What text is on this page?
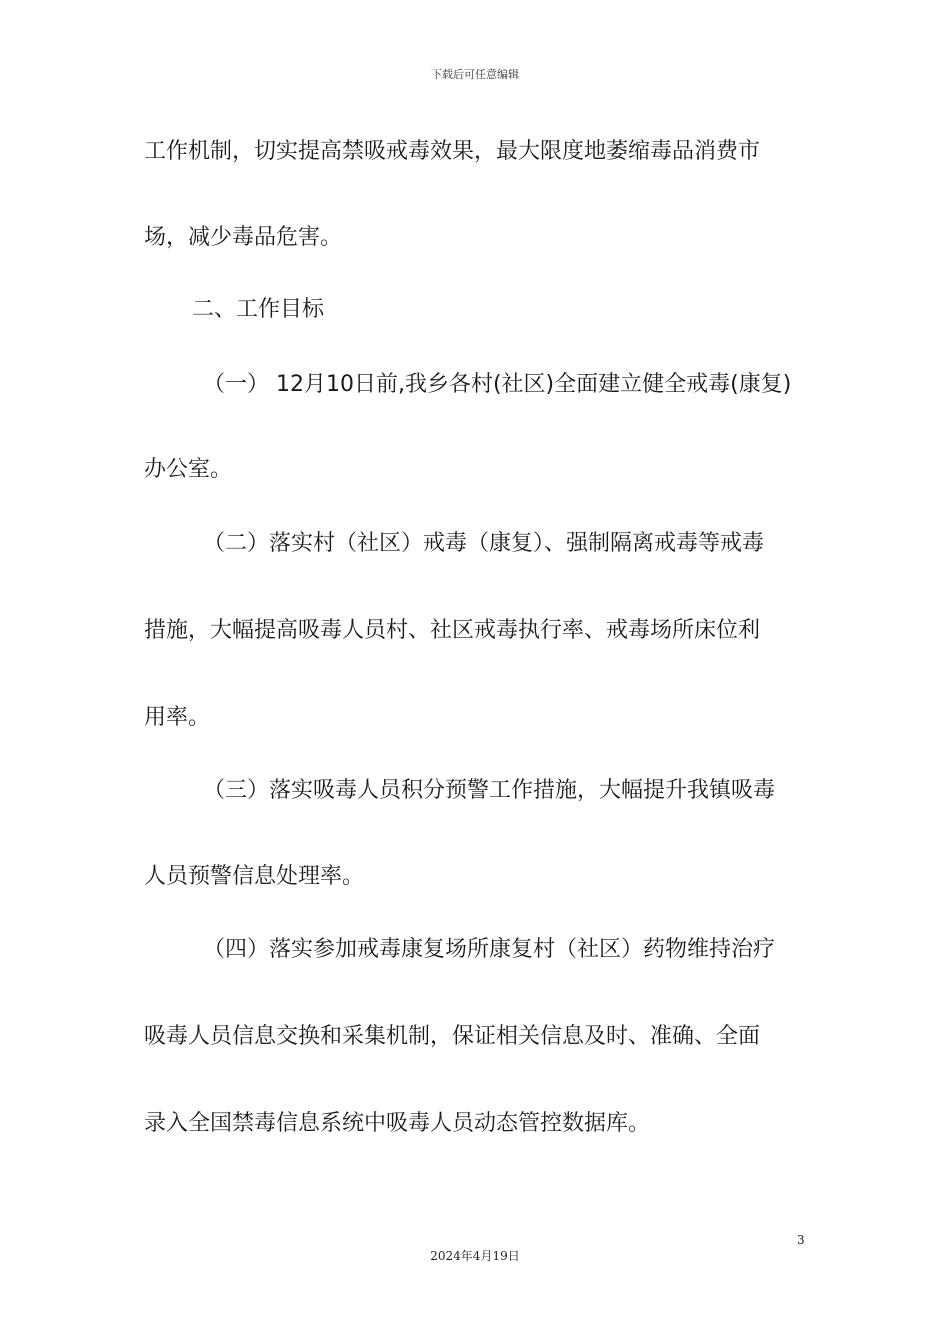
下载后可任意编辑
工作机制，切实提高禁吸戒毒效果，最大限度地萎缩毒品消费市
场，减少毒品危害。
二、工作目标
（一） 12月10日前,我乡各村(社区)全面建立健全戒毒(康复)
办公室。
（二）落实村（社区）戒毒（康复）、强制隔离戒毒等戒毒
措施，大幅提高吸毒人员村、社区戒毒执行率、戒毒场所床位利
用率。
（三）落实吸毒人员积分预警工作措施，大幅提升我镇吸毒
人员预警信息处理率。
（四）落实参加戒毒康复场所康复村（社区）药物维持治疗
吸毒人员信息交换和采集机制，保证相关信息及时、准确、全面
录入全国禁毒信息系统中吸毒人员动态管控数据库。
3
2024年4月19日
